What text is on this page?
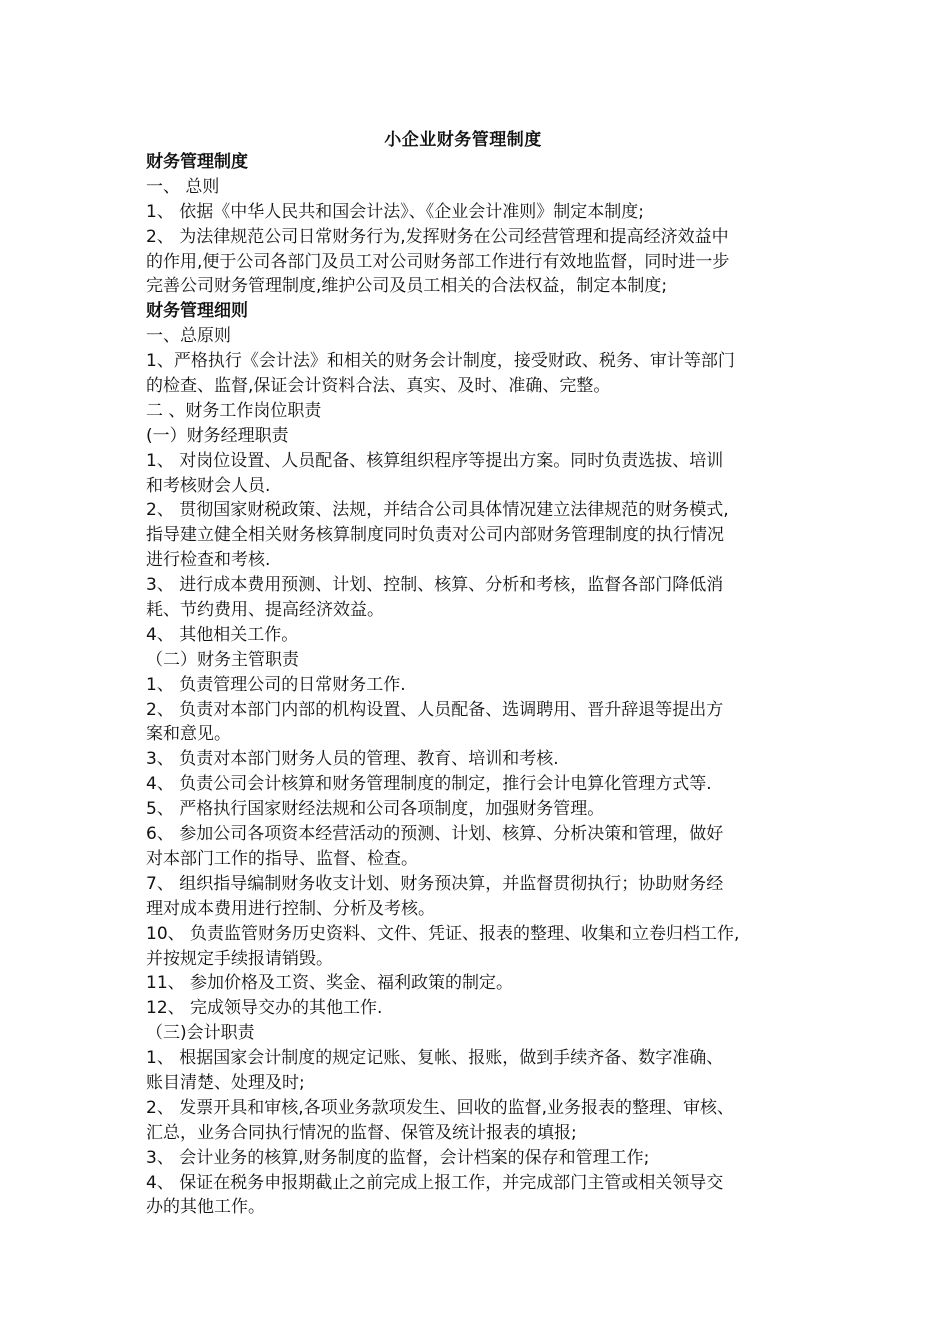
小企业财务管理制度
财务管理制度
一、 总则
1、 依据《中华人民共和国会计法》、《企业会计准则》制定本制度;
2、 为法律规范公司日常财务行为,发挥财务在公司经营管理和提高经济效益中
的作用,便于公司各部门及员工对公司财务部工作进行有效地监督，同时进一步
完善公司财务管理制度,维护公司及员工相关的合法权益，制定本制度;
财务管理细则
一、总原则
1、严格执行《会计法》和相关的财务会计制度，接受财政、税务、审计等部门
的检查、监督,保证会计资料合法、真实、及时、准确、完整。
二 、财务工作岗位职责
(一）财务经理职责
1、 对岗位设置、人员配备、核算组织程序等提出方案。同时负责选拔、培训
和考核财会人员.
2、 贯彻国家财税政策、法规，并结合公司具体情况建立法律规范的财务模式,
指导建立健全相关财务核算制度同时负责对公司内部财务管理制度的执行情况
进行检查和考核.
3、 进行成本费用预测、计划、控制、核算、分析和考核，监督各部门降低消
耗、节约费用、提高经济效益。
4、 其他相关工作。
（二）财务主管职责
1、 负责管理公司的日常财务工作.
2、 负责对本部门内部的机构设置、人员配备、选调聘用、晋升辞退等提出方
案和意见。
3、 负责对本部门财务人员的管理、教育、培训和考核.
4、 负责公司会计核算和财务管理制度的制定，推行会计电算化管理方式等.
5、 严格执行国家财经法规和公司各项制度，加强财务管理。
6、 参加公司各项资本经营活动的预测、计划、核算、分析决策和管理，做好
对本部门工作的指导、监督、检查。
7、 组织指导编制财务收支计划、财务预决算，并监督贯彻执行；协助财务经
理对成本费用进行控制、分析及考核。
10、 负责监管财务历史资料、文件、凭证、报表的整理、收集和立卷归档工作,
并按规定手续报请销毁。
11、 参加价格及工资、奖金、福利政策的制定。
12、 完成领导交办的其他工作.
（三)会计职责
1、 根据国家会计制度的规定记账、复帐、报账，做到手续齐备、数字准确、
账目清楚、处理及时;
2、 发票开具和审核,各项业务款项发生、回收的监督,业务报表的整理、审核、
汇总，业务合同执行情况的监督、保管及统计报表的填报;
3、 会计业务的核算,财务制度的监督，会计档案的保存和管理工作;
4、 保证在税务申报期截止之前完成上报工作，并完成部门主管或相关领导交
办的其他工作。
